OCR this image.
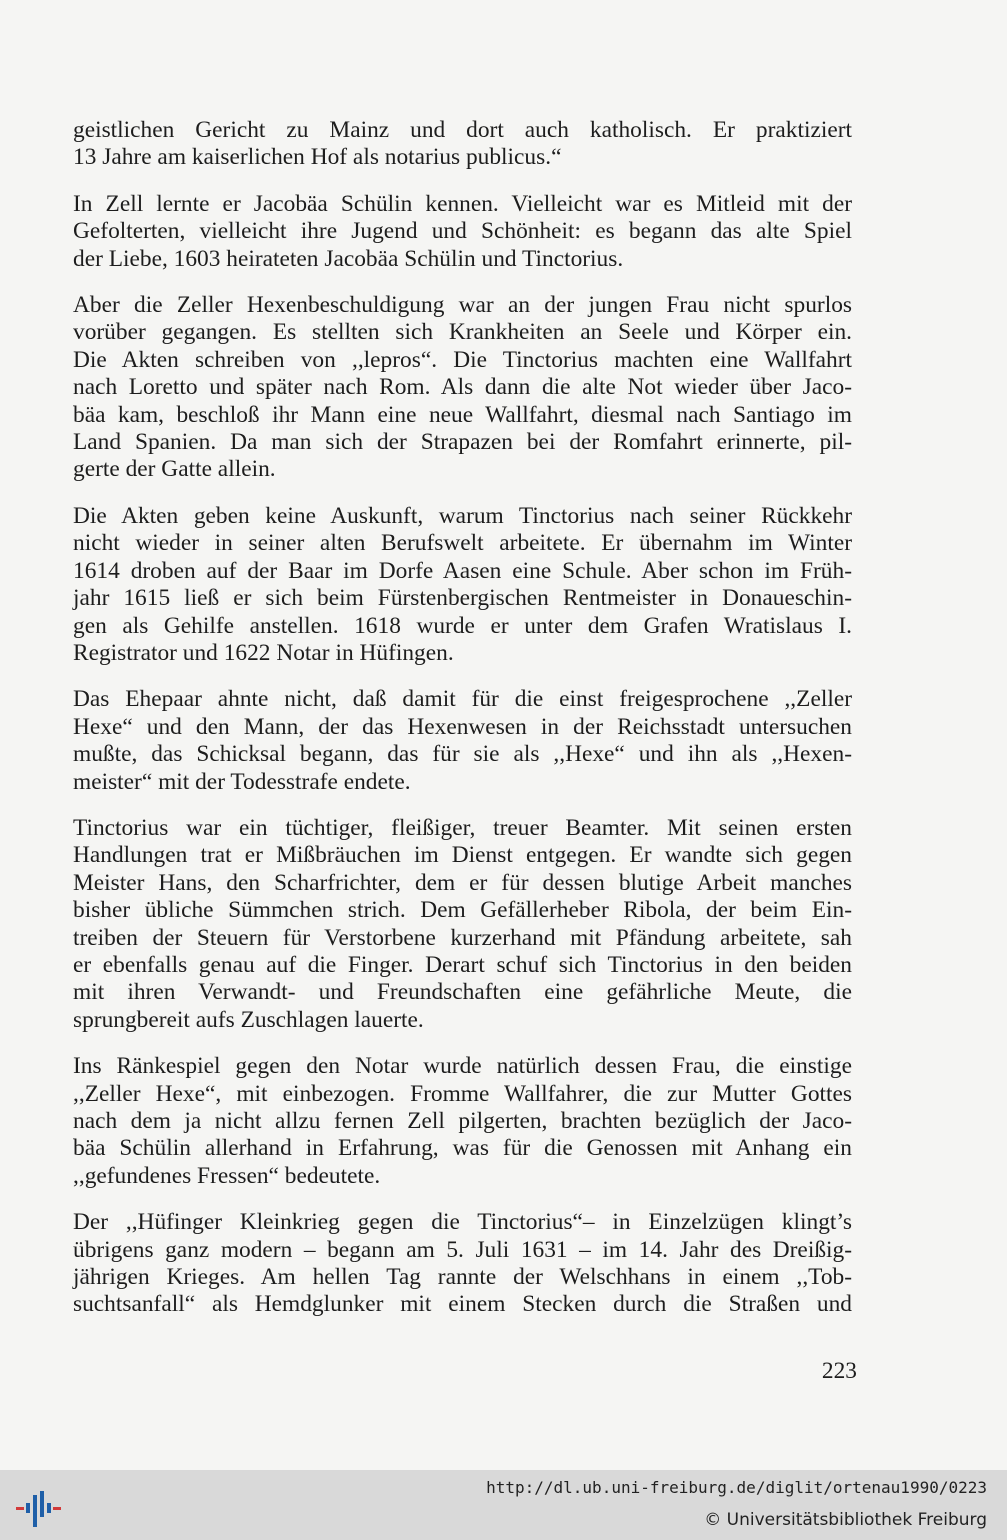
geistlichen Gericht zu Mainz und dort auch katholisch. Er praktiziert
13 Jahre am kaiserlichen Hof als notarius publicus.“
In Zell lernte er Jacobäa Schülin kennen. Vielleicht war es Mitleid mit der
Gefolterten, vielleicht ihre Jugend und Schönheit: es begann das alte Spiel
der Liebe, 1603 heirateten Jacobäa Schülin und Tinctorius.
Aber die Zeller Hexenbeschuldigung war an der jungen Frau nicht spurlos
vorüber gegangen. Es stellten sich Krankheiten an Seele und Körper ein.
Die Akten schreiben von ,,lepros“. Die Tinctorius machten eine Wallfahrt
nach Loretto und später nach Rom. Als dann die alte Not wieder über Jaco-
bäa kam, beschloß ihr Mann eine neue Wallfahrt, diesmal nach Santiago im
Land Spanien. Da man sich der Strapazen bei der Romfahrt erinnerte, pil-
gerte der Gatte allein.
Die Akten geben keine Auskunft, warum Tinctorius nach seiner Rückkehr
nicht wieder in seiner alten Berufswelt arbeitete. Er übernahm im Winter
1614 droben auf der Baar im Dorfe Aasen eine Schule. Aber schon im Früh-
jahr 1615 ließ er sich beim Fürstenbergischen Rentmeister in Donaueschin-
gen als Gehilfe anstellen. 1618 wurde er unter dem Grafen Wratislaus I.
Registrator und 1622 Notar in Hüfingen.
Das Ehepaar ahnte nicht, daß damit für die einst freigesprochene ,,Zeller
Hexe“ und den Mann, der das Hexenwesen in der Reichsstadt untersuchen
mußte, das Schicksal begann, das für sie als ,,Hexe“ und ihn als ,,Hexen-
meister“ mit der Todesstrafe endete.
Tinctorius war ein tüchtiger, fleißiger, treuer Beamter. Mit seinen ersten
Handlungen trat er Mißbräuchen im Dienst entgegen. Er wandte sich gegen
Meister Hans, den Scharfrichter, dem er für dessen blutige Arbeit manches
bisher übliche Sümmchen strich. Dem Gefällerheber Ribola, der beim Ein-
treiben der Steuern für Verstorbene kurzerhand mit Pfändung arbeitete, sah
er ebenfalls genau auf die Finger. Derart schuf sich Tinctorius in den beiden
mit ihren Verwandt- und Freundschaften eine gefährliche Meute, die
sprungbereit aufs Zuschlagen lauerte.
Ins Ränkespiel gegen den Notar wurde natürlich dessen Frau, die einstige
,,Zeller Hexe“, mit einbezogen. Fromme Wallfahrer, die zur Mutter Gottes
nach dem ja nicht allzu fernen Zell pilgerten, brachten bezüglich der Jaco-
bäa Schülin allerhand in Erfahrung, was für die Genossen mit Anhang ein
,,gefundenes Fressen“ bedeutete.
Der ,,Hüfinger Kleinkrieg gegen die Tinctorius“– in Einzelzügen klingt’s
übrigens ganz modern – begann am 5. Juli 1631 – im 14. Jahr des Dreißig-
jährigen Krieges. Am hellen Tag rannte der Welschhans in einem ,,Tob-
suchtsanfall“ als Hemdglunker mit einem Stecken durch die Straßen und
223
http://dl.ub.uni-freiburg.de/diglit/ortenau1990/0223
© Universitätsbibliothek Freiburg
